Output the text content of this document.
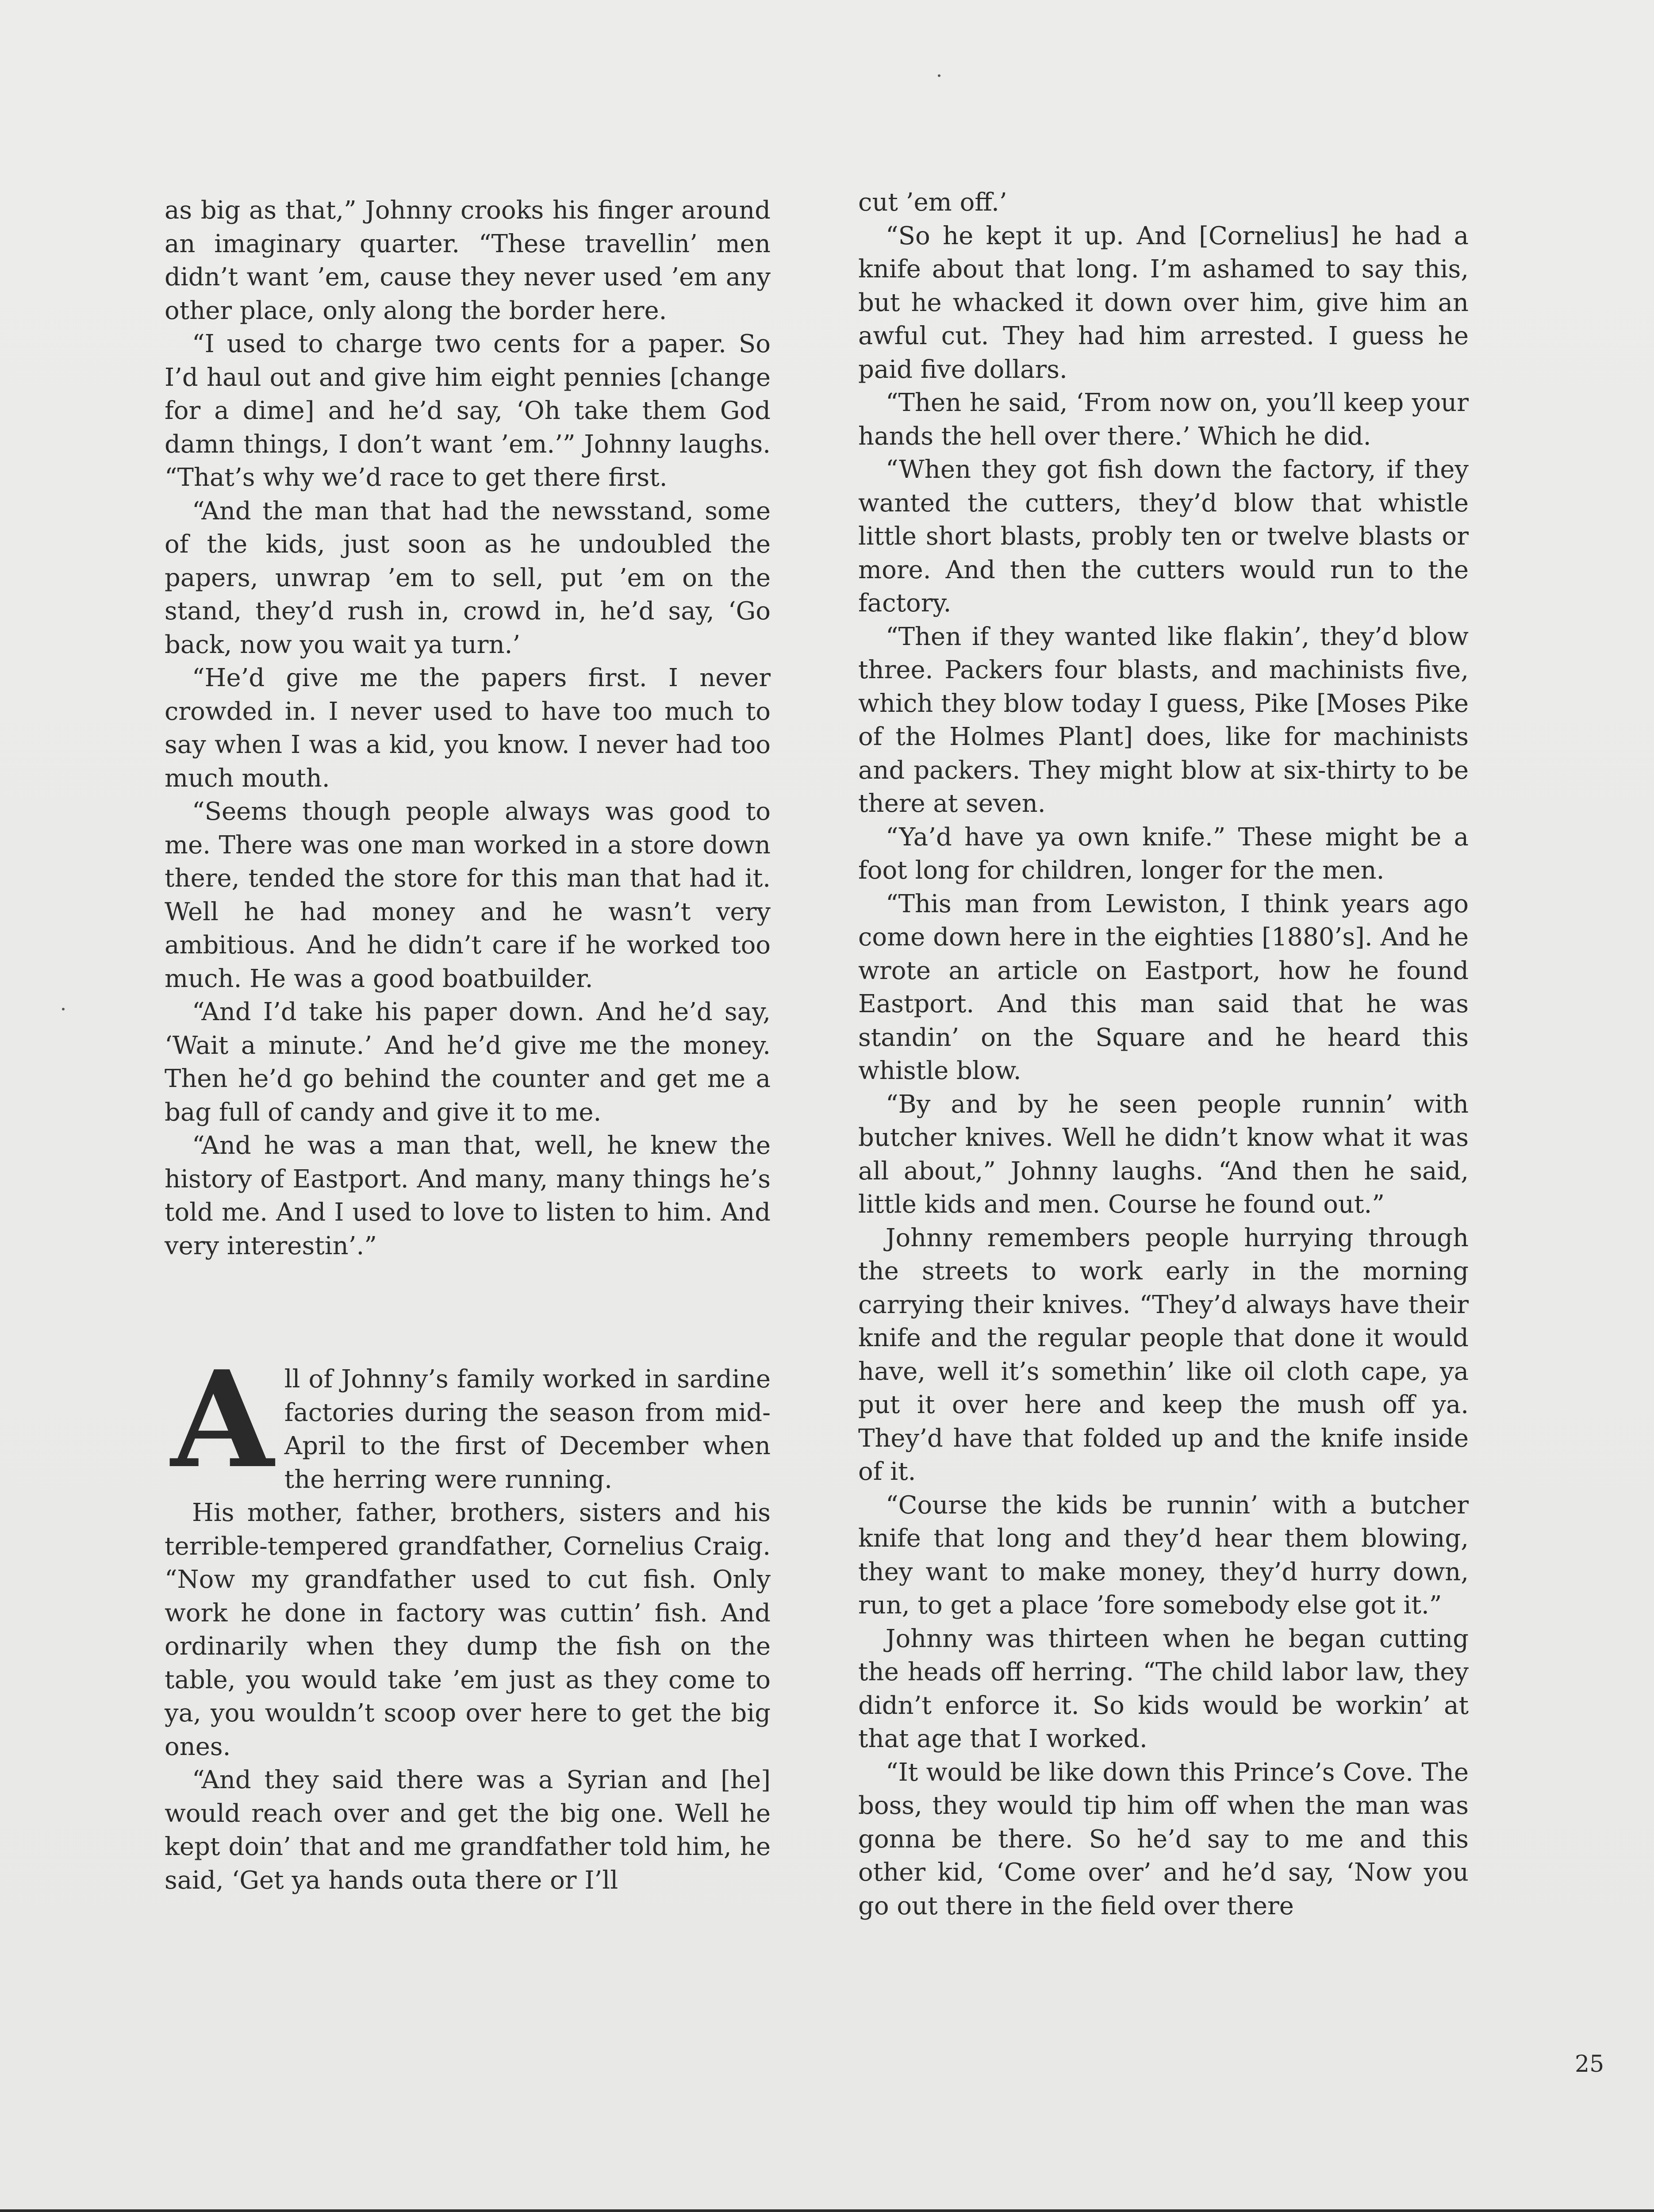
as big as that,” Johnny crooks his finger around an imaginary quarter. “These travellin’ men didn’t want ’em, cause they never used ’em any other place, only along the border here.

“I used to charge two cents for a paper. So I’d haul out and give him eight pennies [change for a dime] and he’d say, ‘Oh take them God damn things, I don’t want ’em.’” Johnny laughs. “That’s why we’d race to get there first.

“And the man that had the newsstand, some of the kids, just soon as he undoubled the papers, unwrap ’em to sell, put ’em on the stand, they’d rush in, crowd in, he’d say, ‘Go back, now you wait ya turn.’

“He’d give me the papers first. I never crowded in. I never used to have too much to say when I was a kid, you know. I never had too much mouth.

“Seems though people always was good to me. There was one man worked in a store down there, tended the store for this man that had it. Well he had money and he wasn’t very ambitious. And he didn’t care if he worked too much. He was a good boatbuilder.

“And I’d take his paper down. And he’d say, ‘Wait a minute.’ And he’d give me the money. Then he’d go behind the counter and get me a bag full of candy and give it to me.

“And he was a man that, well, he knew the history of Eastport. And many, many things he’s told me. And I used to love to listen to him. And very interestin’.”

All of Johnny’s family worked in sardine factories during the season from mid-April to the first of December when the herring were running.

His mother, father, brothers, sisters and his terrible-tempered grandfather, Cornelius Craig. “Now my grandfather used to cut fish. Only work he done in factory was cuttin’ fish. And ordinarily when they dump the fish on the table, you would take ’em just as they come to ya, you wouldn’t scoop over here to get the big ones.

“And they said there was a Syrian and [he] would reach over and get the big one. Well he kept doin’ that and me grandfather told him, he said, ‘Get ya hands outa there or I’ll

cut ’em off.’

“So he kept it up. And [Cornelius] he had a knife about that long. I’m ashamed to say this, but he whacked it down over him, give him an awful cut. They had him arrested. I guess he paid five dollars.

“Then he said, ‘From now on, you’ll keep your hands the hell over there.’ Which he did.

“When they got fish down the factory, if they wanted the cutters, they’d blow that whistle little short blasts, probly ten or twelve blasts or more. And then the cutters would run to the factory.

“Then if they wanted like flakin’, they’d blow three. Packers four blasts, and machinists five, which they blow today I guess, Pike [Moses Pike of the Holmes Plant] does, like for machinists and packers. They might blow at six-thirty to be there at seven.

“Ya’d have ya own knife.” These might be a foot long for children, longer for the men.

“This man from Lewiston, I think years ago come down here in the eighties [1880’s]. And he wrote an article on Eastport, how he found Eastport. And this man said that he was standin’ on the Square and he heard this whistle blow.

“By and by he seen people runnin’ with butcher knives. Well he didn’t know what it was all about,” Johnny laughs. “And then he said, little kids and men. Course he found out.”

Johnny remembers people hurrying through the streets to work early in the morning carrying their knives. “They’d always have their knife and the regular people that done it would have, well it’s somethin’ like oil cloth cape, ya put it over here and keep the mush off ya. They’d have that folded up and the knife inside of it.

“Course the kids be runnin’ with a butcher knife that long and they’d hear them blowing, they want to make money, they’d hurry down, run, to get a place ’fore somebody else got it.”

Johnny was thirteen when he began cutting the heads off herring. “The child labor law, they didn’t enforce it. So kids would be workin’ at that age that I worked.

“It would be like down this Prince’s Cove. The boss, they would tip him off when the man was gonna be there. So he’d say to me and this other kid, ‘Come over’ and he’d say, ‘Now you go out there in the field over there

25
